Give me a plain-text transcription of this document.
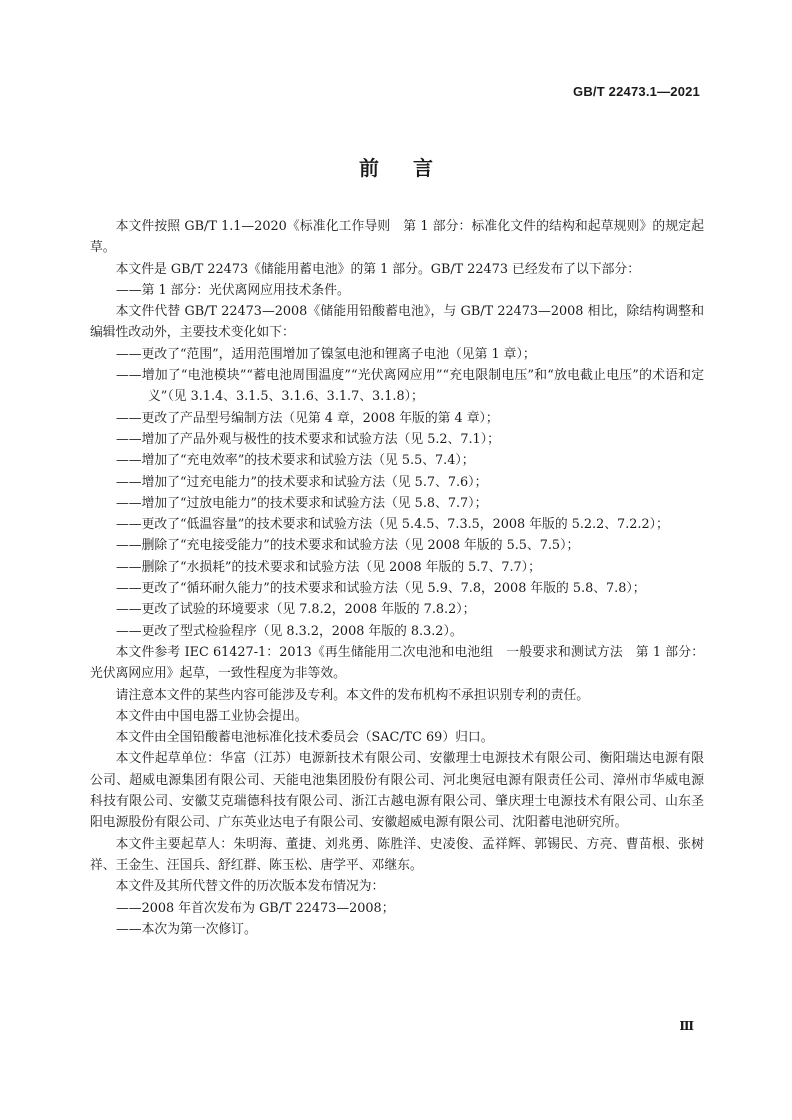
GB/T 22473.1—2021
前言
本文件按照 GB/T 1.1—2020《标准化工作导则　第 1 部分：标准化文件的结构和起草规则》的规定起草。
本文件是 GB/T 22473《储能用蓄电池》的第 1 部分。GB/T 22473 已经发布了以下部分：
——第 1 部分：光伏离网应用技术条件。
本文件代替 GB/T 22473—2008《储能用铅酸蓄电池》，与 GB/T 22473—2008 相比，除结构调整和编辑性改动外，主要技术变化如下：
——更改了“范围”，适用范围增加了镍氢电池和锂离子电池（见第 1 章）；
——增加了“电池模块”“蓄电池周围温度”“光伏离网应用”“充电限制电压”和“放电截止电压”的术语和定义”（见 3.1.4、3.1.5、3.1.6、3.1.7、3.1.8）；
——更改了产品型号编制方法（见第 4 章，2008 年版的第 4 章）；
——增加了产品外观与极性的技术要求和试验方法（见 5.2、7.1）；
——增加了“充电效率”的技术要求和试验方法（见 5.5、7.4）；
——增加了“过充电能力”的技术要求和试验方法（见 5.7、7.6）；
——增加了“过放电能力”的技术要求和试验方法（见 5.8、7.7）；
——更改了“低温容量”的技术要求和试验方法（见 5.4.5、7.3.5，2008 年版的 5.2.2、7.2.2）；
——删除了“充电接受能力”的技术要求和试验方法（见 2008 年版的 5.5、7.5）；
——删除了“水损耗”的技术要求和试验方法（见 2008 年版的 5.7、7.7）；
——更改了“循环耐久能力”的技术要求和试验方法（见 5.9、7.8，2008 年版的 5.8、7.8）；
——更改了试验的环境要求（见 7.8.2，2008 年版的 7.8.2）；
——更改了型式检验程序（见 8.3.2，2008 年版的 8.3.2）。
本文件参考 IEC 61427-1：2013《再生储能用二次电池和电池组　一般要求和测试方法　第 1 部分：光伏离网应用》起草，一致性程度为非等效。
请注意本文件的某些内容可能涉及专利。本文件的发布机构不承担识别专利的责任。
本文件由中国电器工业协会提出。
本文件由全国铅酸蓄电池标准化技术委员会（SAC/TC 69）归口。
本文件起草单位：华富（江苏）电源新技术有限公司、安徽理士电源技术有限公司、衡阳瑞达电源有限公司、超威电源集团有限公司、天能电池集团股份有限公司、河北奥冠电源有限责任公司、漳州市华威电源科技有限公司、安徽艾克瑞德科技有限公司、浙江古越电源有限公司、肇庆理士电源技术有限公司、山东圣阳电源股份有限公司、广东英业达电子有限公司、安徽超威电源有限公司、沈阳蓄电池研究所。
本文件主要起草人：朱明海、董捷、刘兆勇、陈胜洋、史凌俊、孟祥辉、郭锡民、方亮、曹苗根、张树祥、王金生、汪国兵、舒红群、陈玉松、唐学平、邓继东。
本文件及其所代替文件的历次版本发布情况为：
——2008 年首次发布为 GB/T 22473—2008；
——本次为第一次修订。
Ⅲ
